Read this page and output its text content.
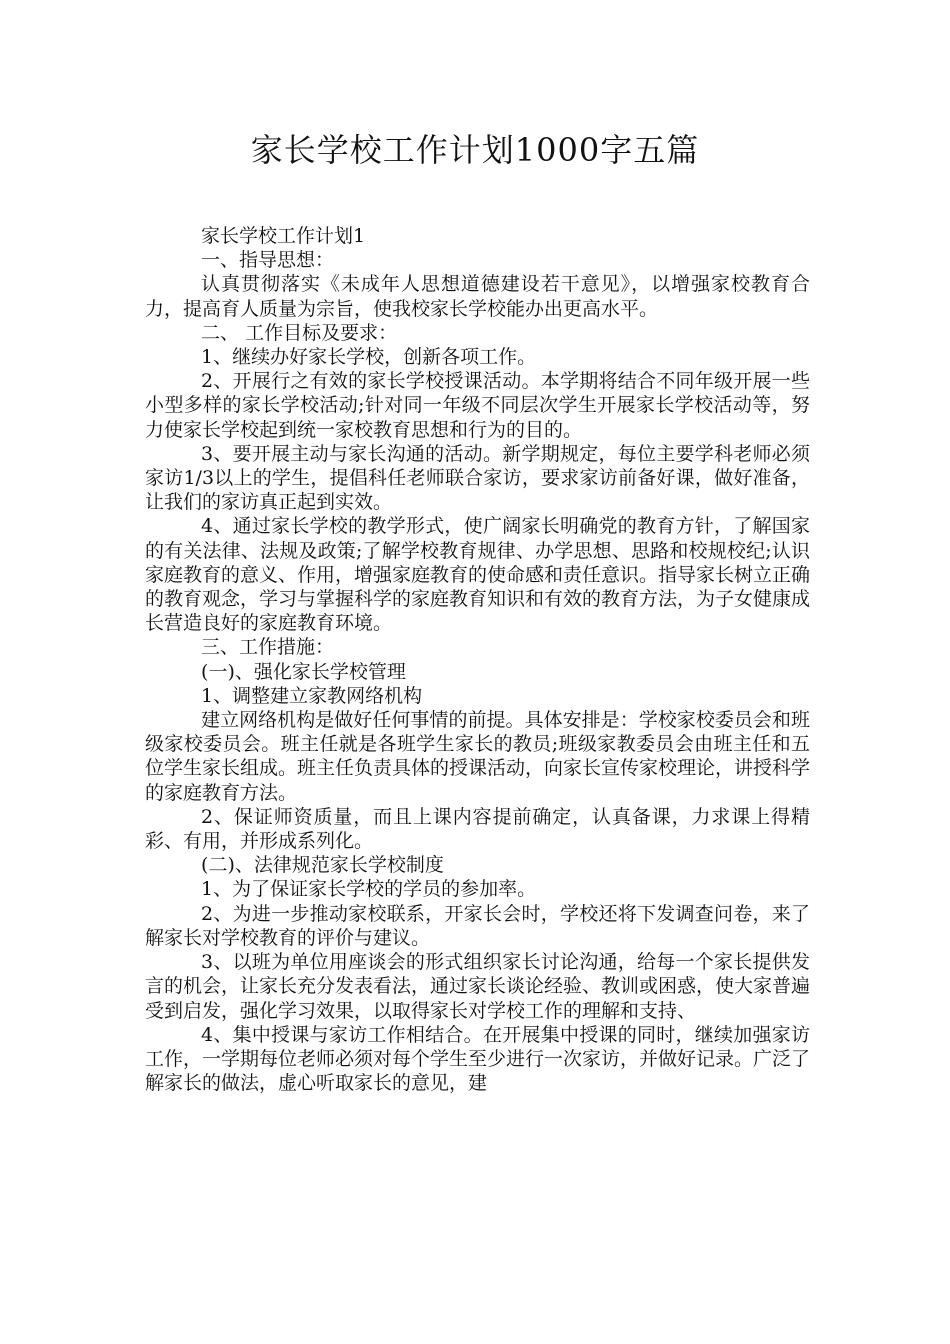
家长学校工作计划1000字五篇

家长学校工作计划1

一、指导思想：

认真贯彻落实《未成年人思想道德建设若干意见》，以增强家校教育合力，提高育人质量为宗旨，使我校家长学校能办出更高水平。

二、 工作目标及要求：

1、继续办好家长学校，创新各项工作。

2、开展行之有效的家长学校授课活动。本学期将结合不同年级开展一些小型多样的家长学校活动;针对同一年级不同层次学生开展家长学校活动等，努力使家长学校起到统一家校教育思想和行为的目的。

3、要开展主动与家长沟通的活动。新学期规定，每位主要学科老师必须家访1/3以上的学生，提倡科任老师联合家访，要求家访前备好课，做好准备，让我们的家访真正起到实效。

4、通过家长学校的教学形式，使广阔家长明确党的教育方针，了解国家的有关法律、法规及政策;了解学校教育规律、办学思想、思路和校规校纪;认识家庭教育的意义、作用，增强家庭教育的使命感和责任意识。指导家长树立正确的教育观念，学习与掌握科学的家庭教育知识和有效的教育方法，为子女健康成长营造良好的家庭教育环境。

三、工作措施：

(一)、强化家长学校管理

1、调整建立家教网络机构

建立网络机构是做好任何事情的前提。具体安排是：学校家校委员会和班级家校委员会。班主任就是各班学生家长的教员;班级家教委员会由班主任和五位学生家长组成。班主任负责具体的授课活动，向家长宣传家校理论，讲授科学的家庭教育方法。

2、保证师资质量，而且上课内容提前确定，认真备课，力求课上得精彩、有用，并形成系列化。

(二)、法律规范家长学校制度

1、为了保证家长学校的学员的参加率。

2、为进一步推动家校联系，开家长会时，学校还将下发调查问卷，来了解家长对学校教育的评价与建议。

3、以班为单位用座谈会的形式组织家长讨论沟通，给每一个家长提供发言的机会，让家长充分发表看法，通过家长谈论经验、教训或困惑，使大家普遍受到启发，强化学习效果，以取得家长对学校工作的理解和支持、

4、集中授课与家访工作相结合。在开展集中授课的同时，继续加强家访工作，一学期每位老师必须对每个学生至少进行一次家访，并做好记录。广泛了解家长的做法，虚心听取家长的意见，建
